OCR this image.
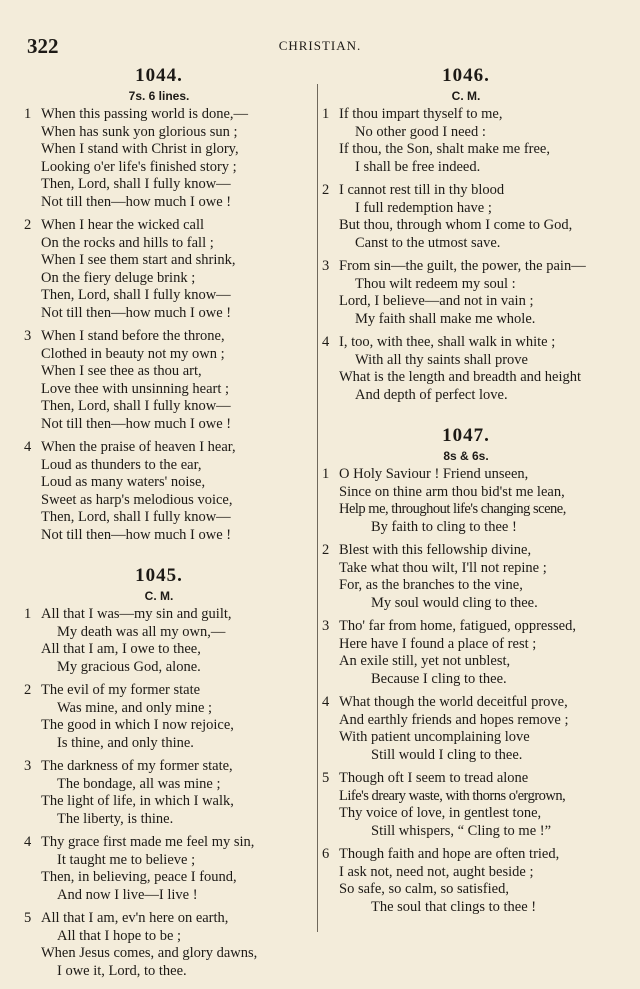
322	CHRISTIAN.
1044.
7s. 6 lines.
1 When this passing world is done,—
When has sunk yon glorious sun ;
When I stand with Christ in glory,
Looking o'er life's finished story ;
Then, Lord, shall I fully know—
Not till then—how much I owe !
2 When I hear the wicked call
On the rocks and hills to fall ;
When I see them start and shrink,
On the fiery deluge brink ;
Then, Lord, shall I fully know—
Not till then—how much I owe !
3 When I stand before the throne,
Clothed in beauty not my own ;
When I see thee as thou art,
Love thee with unsinning heart ;
Then, Lord, shall I fully know—
Not till then—how much I owe !
4 When the praise of heaven I hear,
Loud as thunders to the ear,
Loud as many waters' noise,
Sweet as harp's melodious voice,
Then, Lord, shall I fully know—
Not till then—how much I owe !
1045.
C. M.
1 All that I was—my sin and guilt,
My death was all my own,—
All that I am, I owe to thee,
My gracious God, alone.
2 The evil of my former state
Was mine, and only mine ;
The good in which I now rejoice,
Is thine, and only thine.
3 The darkness of my former state,
The bondage, all was mine ;
The light of life, in which I walk,
The liberty, is thine.
4 Thy grace first made me feel my sin,
It taught me to believe ;
Then, in believing, peace I found,
And now I live—I live !
5 All that I am, ev'n here on earth,
All that I hope to be ;
When Jesus comes, and glory dawns,
I owe it, Lord, to thee.
1046.
C. M.
1 If thou impart thyself to me,
No other good I need :
If thou, the Son, shalt make me free,
I shall be free indeed.
2 I cannot rest till in thy blood
I full redemption have ;
But thou, through whom I come to God,
Canst to the utmost save.
3 From sin—the guilt, the power, the pain—
Thou wilt redeem my soul :
Lord, I believe—and not in vain ;
My faith shall make me whole.
4 I, too, with thee, shall walk in white ;
With all thy saints shall prove
What is the length and breadth and height
And depth of perfect love.
1047.
8s & 6s.
1 O Holy Saviour ! Friend unseen,
Since on thine arm thou bid'st me lean,
Help me, throughout life's changing scene,
By faith to cling to thee !
2 Blest with this fellowship divine,
Take what thou wilt, I'll not repine ;
For, as the branches to the vine,
My soul would cling to thee.
3 Tho' far from home, fatigued, oppressed,
Here have I found a place of rest ;
An exile still, yet not unblest,
Because I cling to thee.
4 What though the world deceitful prove,
And earthly friends and hopes remove ;
With patient uncomplaining love
Still would I cling to thee.
5 Though oft I seem to tread alone
Life's dreary waste, with thorns o'ergrown,
Thy voice of love, in gentlest tone,
Still whispers, “ Cling to me !”
6 Though faith and hope are often tried,
I ask not, need not, aught beside ;
So safe, so calm, so satisfied,
The soul that clings to thee !
